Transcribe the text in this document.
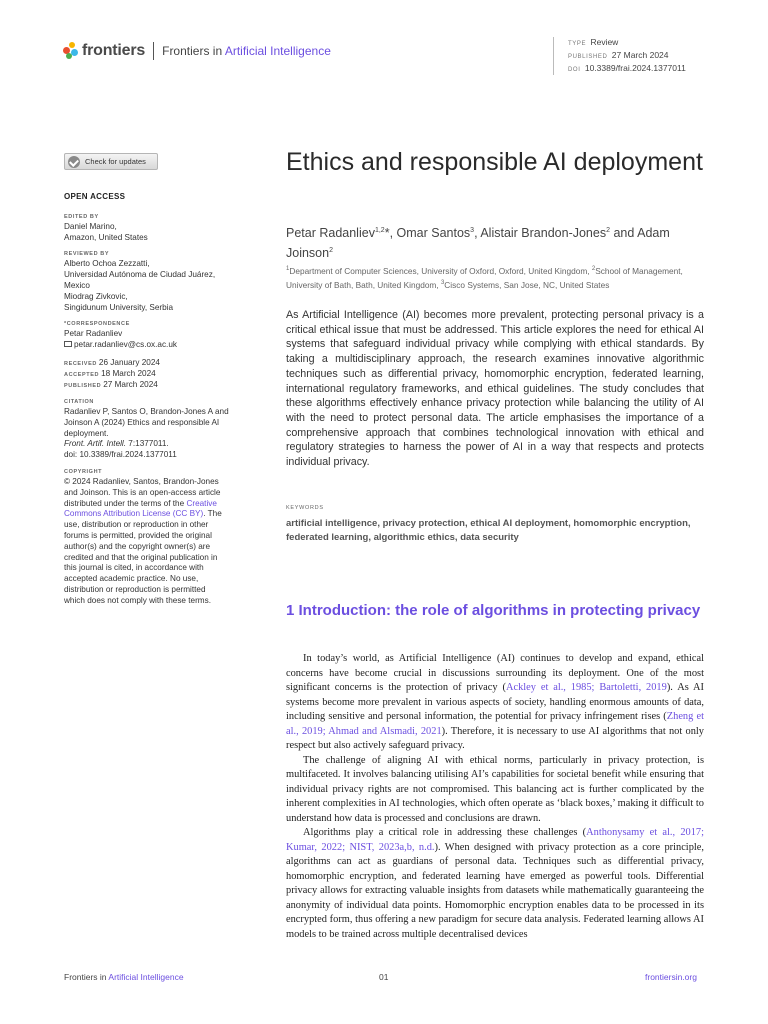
frontiers Frontiers in Artificial Intelligence	TYPE Review
PUBLISHED 27 March 2024
DOI 10.3389/frai.2024.1377011
Check for updates
OPEN ACCESS
EDITED BY
Daniel Marino,
Amazon, United States
REVIEWED BY
Alberto Ochoa Zezzatti,
Universidad Autónoma de Ciudad Juárez,
Mexico
Miodrag Zivkovic,
Singidunum University, Serbia
*CORRESPONDENCE
Petar Radanliev
petar.radanliev@cs.ox.ac.uk
RECEIVED 26 January 2024
ACCEPTED 18 March 2024
PUBLISHED 27 March 2024
CITATION
Radanliev P, Santos O, Brandon-Jones A and
Joinson A (2024) Ethics and responsible AI
deployment.
Front. Artif. Intell. 7:1377011.
doi: 10.3389/frai.2024.1377011
COPYRIGHT
© 2024 Radanliev, Santos, Brandon-Jones
and Joinson. This is an open-access article
distributed under the terms of the Creative
Commons Attribution License (CC BY). The
use, distribution or reproduction in other
forums is permitted, provided the original
author(s) and the copyright owner(s) are
credited and that the original publication in
this journal is cited, in accordance with
accepted academic practice. No use,
distribution or reproduction is permitted
which does not comply with these terms.
Ethics and responsible AI deployment
Petar Radanliev$^{1,2}$*, Omar Santos$^3$, Alistair Brandon-Jones$^2$ and Adam Joinson$^2$
$^1$Department of Computer Sciences, University of Oxford, Oxford, United Kingdom, $^2$School of Management, University of Bath, Bath, United Kingdom, $^3$Cisco Systems, San Jose, NC, United States

As Artificial Intelligence (AI) becomes more prevalent, protecting personal privacy is a critical ethical issue that must be addressed. This article explores the need for ethical AI systems that safeguard individual privacy while complying with ethical standards. By taking a multidisciplinary approach, the research examines innovative algorithmic techniques such as differential privacy, homomorphic encryption, federated learning, international regulatory frameworks, and ethical guidelines. The study concludes that these algorithms effectively enhance privacy protection while balancing the utility of AI with the need to protect personal data. The article emphasises the importance of a comprehensive approach that combines technological innovation with ethical and regulatory strategies to harness the power of AI in a way that respects and protects individual privacy.

KEYWORDS
artificial intelligence, privacy protection, ethical AI deployment, homomorphic encryption, federated learning, algorithmic ethics, data security
1 Introduction: the role of algorithms in protecting privacy

In today’s world, as Artificial Intelligence (AI) continues to develop and expand, ethical concerns have become crucial in discussions surrounding its deployment. One of the most significant concerns is the protection of privacy (Ackley et al., 1985; Bartoletti, 2019). As AI systems become more prevalent in various aspects of society, handling enormous amounts of data, including sensitive and personal information, the potential for privacy infringement rises (Zheng et al., 2019; Ahmad and Alsmadi, 2021). Therefore, it is necessary to use AI algorithms that not only respect but also actively safeguard privacy.

The challenge of aligning AI with ethical norms, particularly in privacy protection, is multifaceted. It involves balancing utilising AI’s capabilities for societal benefit while ensuring that individual privacy rights are not compromised. This balancing act is further complicated by the inherent complexities in AI technologies, which often operate as ‘black boxes,’ making it difficult to understand how data is processed and conclusions are drawn.

Algorithms play a critical role in addressing these challenges (Anthonysamy et al., 2017; Kumar, 2022; NIST, 2023a,b, n.d.). When designed with privacy protection as a core principle, algorithms can act as guardians of personal data. Techniques such as differential privacy, homomorphic encryption, and federated learning have emerged as powerful tools. Differential privacy allows for extracting valuable insights from datasets while mathematically guaranteeing the anonymity of individual data points. Homomorphic encryption enables data to be processed in its encrypted form, thus offering a new paradigm for secure data analysis. Federated learning allows AI models to be trained across multiple decentralised devices

Frontiers in Artificial Intelligence	01	frontiersin.org
